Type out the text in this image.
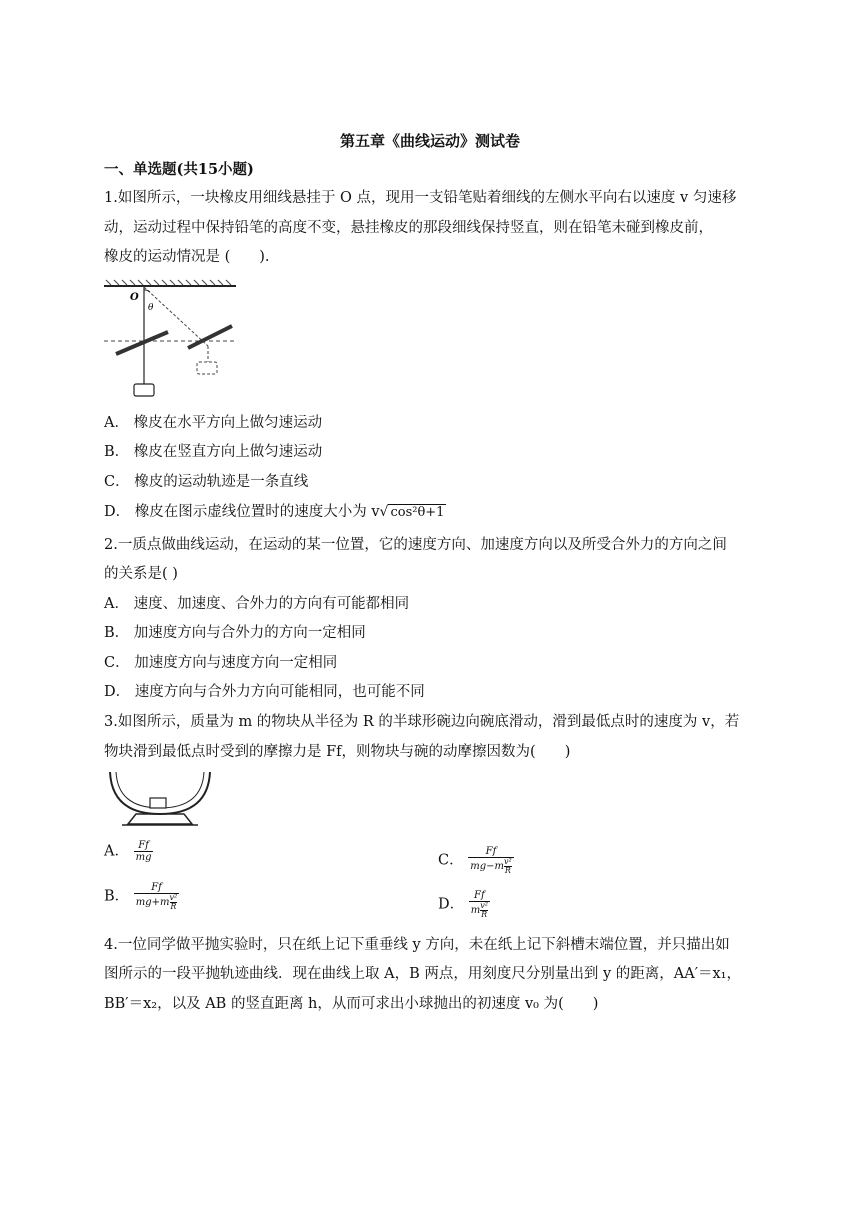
第五章《曲线运动》测试卷
一、单选题(共15小题)
1.如图所示，一块橡皮用细线悬挂于 O 点，现用一支铅笔贴着细线的左侧水平向右以速度 v 匀速移
动，运动过程中保持铅笔的高度不变，悬挂橡皮的那段细线保持竖直，则在铅笔未碰到橡皮前，
橡皮的运动情况是 (　　).
O
θ
A． 橡皮在水平方向上做匀速运动
B． 橡皮在竖直方向上做匀速运动
C． 橡皮的运动轨迹是一条直线
D． 橡皮在图示虚线位置时的速度大小为 v√ cos²θ+1
2.一质点做曲线运动，在运动的某一位置，它的速度方向、加速度方向以及所受合外力的方向之间
的关系是( )
A． 速度、加速度、合外力的方向有可能都相同
B． 加速度方向与合外力的方向一定相同
C． 加速度方向与速度方向一定相同
D． 速度方向与合外力方向可能相同，也可能不同
3.如图所示，质量为 m 的物块从半径为 R 的半球形碗边向碗底滑动，滑到最低点时的速度为 v，若
物块滑到最低点时受到的摩擦力是 Ff，则物块与碗的动摩擦因数为(　　)
A． $\frac{Ff}{mg}$
B． $\frac{Ff}{mg+m \frac{\text{v²}}{R}}$
C． $\frac{Ff}{mg-m \frac{\text{v²}}{R}}$
D． $\frac{Ff}{m \frac{\text{v²}}{R}}$
4.一位同学做平抛实验时，只在纸上记下重垂线 y 方向，未在纸上记下斜槽末端位置，并只描出如
图所示的一段平抛轨迹曲线．现在曲线上取 A，B 两点，用刻度尺分别量出到 y 的距离，AA′＝x₁，
BB′＝x₂，以及 AB 的竖直距离 h，从而可求出小球抛出的初速度 v₀ 为(　　)
